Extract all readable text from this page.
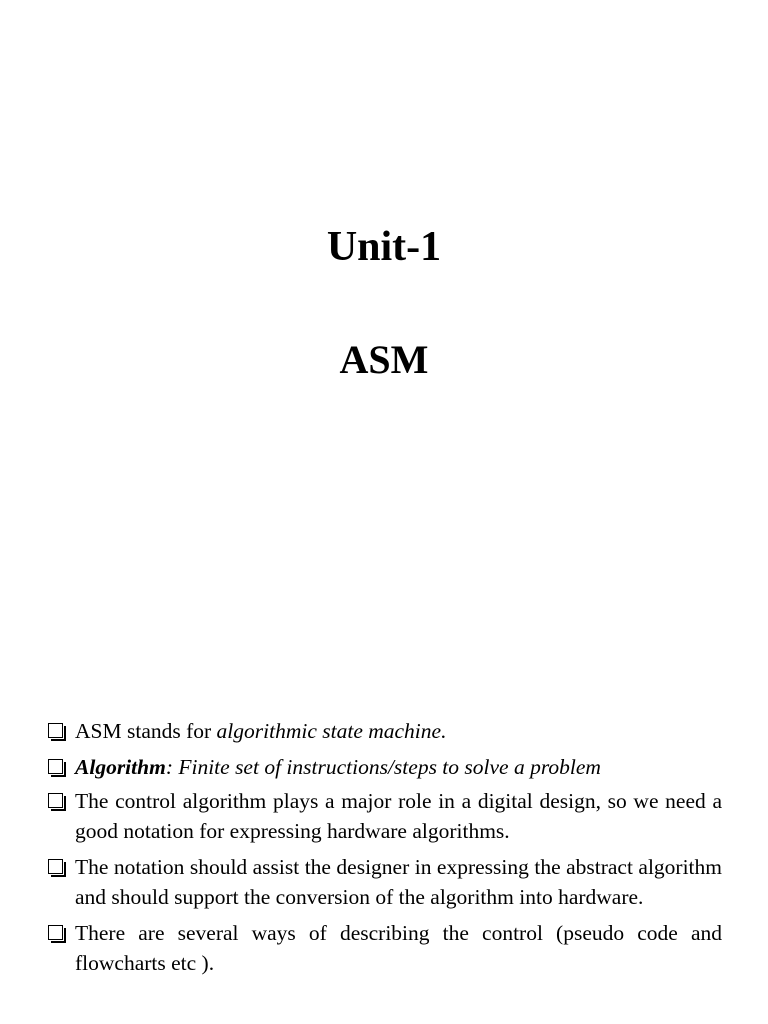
Unit-1
ASM
ASM stands for algorithmic state machine.
Algorithm: Finite set of instructions/steps to solve a problem
The control algorithm plays a major role in a digital design, so we need a good notation for expressing hardware algorithms.
The notation should assist the designer in expressing the abstract algorithm and should support the conversion of the algorithm into hardware.
There are several ways of describing the control (pseudo code and flowcharts etc ).
